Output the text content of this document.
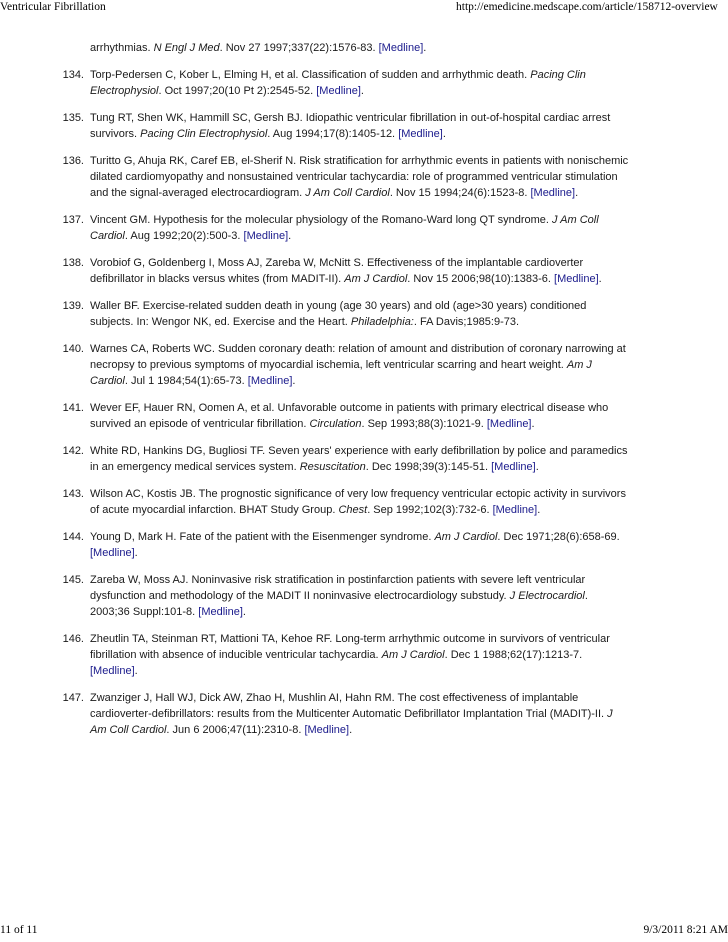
Ventricular Fibrillation	http://emedicine.medscape.com/article/158712-overview
arrhythmias. N Engl J Med. Nov 27 1997;337(22):1576-83. [Medline].
134. Torp-Pedersen C, Kober L, Elming H, et al. Classification of sudden and arrhythmic death. Pacing Clin Electrophysiol. Oct 1997;20(10 Pt 2):2545-52. [Medline].
135. Tung RT, Shen WK, Hammill SC, Gersh BJ. Idiopathic ventricular fibrillation in out-of-hospital cardiac arrest survivors. Pacing Clin Electrophysiol. Aug 1994;17(8):1405-12. [Medline].
136. Turitto G, Ahuja RK, Caref EB, el-Sherif N. Risk stratification for arrhythmic events in patients with nonischemic dilated cardiomyopathy and nonsustained ventricular tachycardia: role of programmed ventricular stimulation and the signal-averaged electrocardiogram. J Am Coll Cardiol. Nov 15 1994;24(6):1523-8. [Medline].
137. Vincent GM. Hypothesis for the molecular physiology of the Romano-Ward long QT syndrome. J Am Coll Cardiol. Aug 1992;20(2):500-3. [Medline].
138. Vorobiof G, Goldenberg I, Moss AJ, Zareba W, McNitt S. Effectiveness of the implantable cardioverter defibrillator in blacks versus whites (from MADIT-II). Am J Cardiol. Nov 15 2006;98(10):1383-6. [Medline].
139. Waller BF. Exercise-related sudden death in young (age 30 years) and old (age>30 years) conditioned subjects. In: Wengor NK, ed. Exercise and the Heart. Philadelphia:. FA Davis;1985:9-73.
140. Warnes CA, Roberts WC. Sudden coronary death: relation of amount and distribution of coronary narrowing at necropsy to previous symptoms of myocardial ischemia, left ventricular scarring and heart weight. Am J Cardiol. Jul 1 1984;54(1):65-73. [Medline].
141. Wever EF, Hauer RN, Oomen A, et al. Unfavorable outcome in patients with primary electrical disease who survived an episode of ventricular fibrillation. Circulation. Sep 1993;88(3):1021-9. [Medline].
142. White RD, Hankins DG, Bugliosi TF. Seven years' experience with early defibrillation by police and paramedics in an emergency medical services system. Resuscitation. Dec 1998;39(3):145-51. [Medline].
143. Wilson AC, Kostis JB. The prognostic significance of very low frequency ventricular ectopic activity in survivors of acute myocardial infarction. BHAT Study Group. Chest. Sep 1992;102(3):732-6. [Medline].
144. Young D, Mark H. Fate of the patient with the Eisenmenger syndrome. Am J Cardiol. Dec 1971;28(6):658-69. [Medline].
145. Zareba W, Moss AJ. Noninvasive risk stratification in postinfarction patients with severe left ventricular dysfunction and methodology of the MADIT II noninvasive electrocardiology substudy. J Electrocardiol. 2003;36 Suppl:101-8. [Medline].
146. Zheutlin TA, Steinman RT, Mattioni TA, Kehoe RF. Long-term arrhythmic outcome in survivors of ventricular fibrillation with absence of inducible ventricular tachycardia. Am J Cardiol. Dec 1 1988;62(17):1213-7. [Medline].
147. Zwanziger J, Hall WJ, Dick AW, Zhao H, Mushlin AI, Hahn RM. The cost effectiveness of implantable cardioverter-defibrillators: results from the Multicenter Automatic Defibrillator Implantation Trial (MADIT)-II. J Am Coll Cardiol. Jun 6 2006;47(11):2310-8. [Medline].
11 of 11	9/3/2011 8:21 AM
